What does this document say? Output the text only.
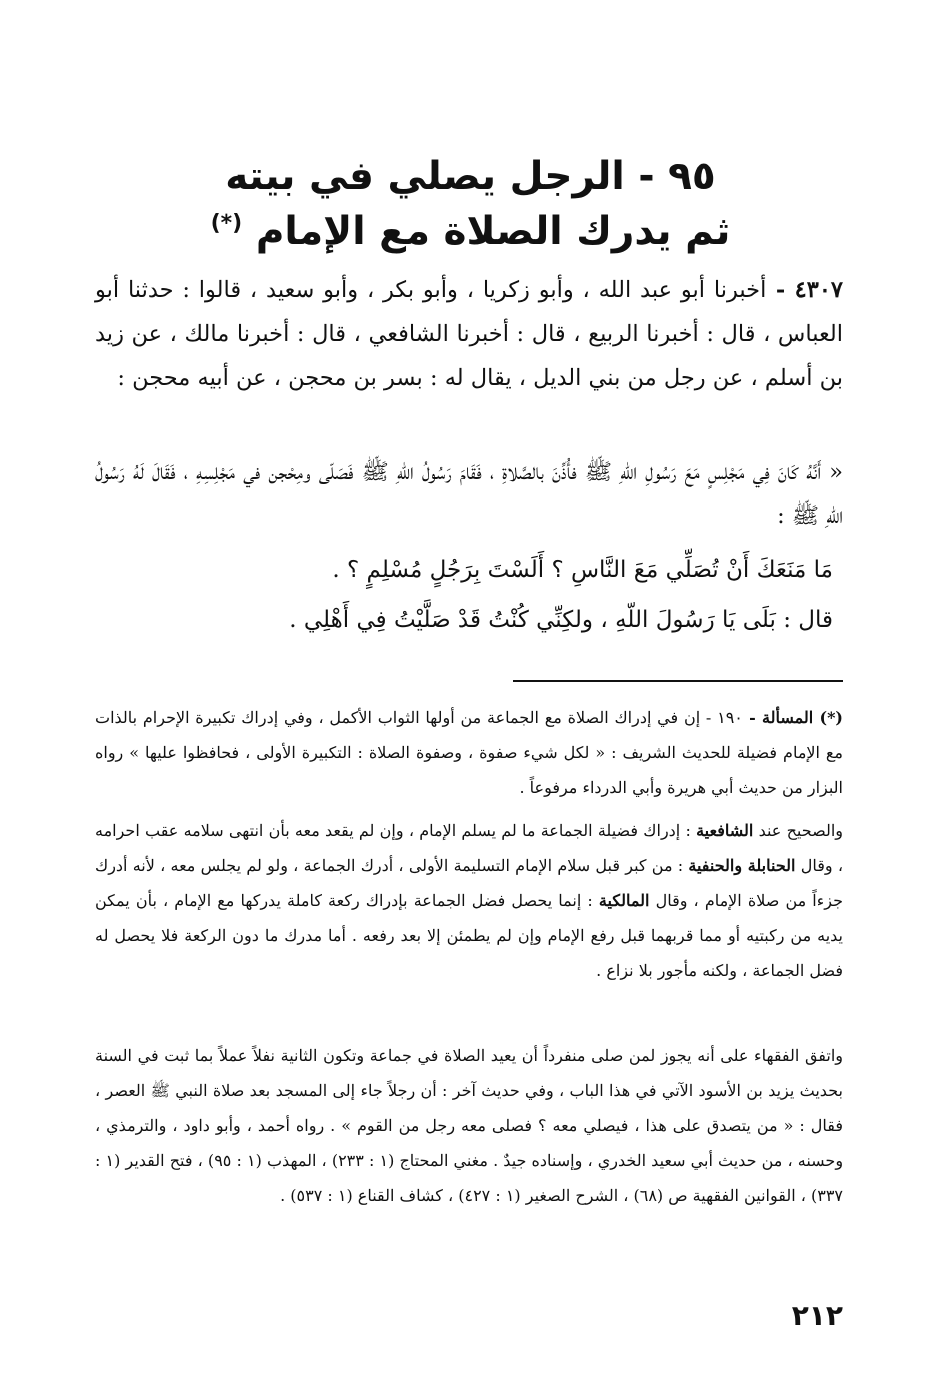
٩٥ - الرجل يصلي في بيته
ثم يدرك الصلاة مع الإمام (*)
٤٣٠٧ - أخبرنا أبو عبد الله ، وأبو زكريا ، وأبو بكر ، وأبو سعيد ، قالوا : حدثنا أبو العباس ، قال : أخبرنا الربيع ، قال : أخبرنا الشافعي ، قال : أخبرنا مالك ، عن زيد بن أسلم ، عن رجل من بني الديل ، يقال له : بسر بن محجن ، عن أبيه محجن :
« أَنَّهُ كَانَ فِي مَجْلِسٍ مَعَ رَسُولِ اللّهِ ﷺ فأُذِّنَ بالصَّلاةِ ، فَقَامَ رَسُولُ اللّهِ ﷺ فَصَلّى ومِحْجن في مَجْلِسِهِ ، فَقَالَ لَهُ رَسُولُ اللّهِ ﷺ :
مَا مَنَعَكَ أَنْ تُصَلِّي مَعَ النَّاسِ ؟ أَلَسْتَ بِرَجُلٍ مُسْلِمٍ ؟ .
قال : بَلَى يَا رَسُولَ اللّهِ ، ولكِنِّي كُنْتُ قَدْ صَلَّيْتُ فِي أَهْلِي .
(*) المسألة - ١٩٠ - إن في إدراك الصلاة مع الجماعة من أولها الثواب الأكمل ، وفي إدراك تكبيرة الإحرام بالذات مع الإمام فضيلة للحديث الشريف : « لكل شيء صفوة ، وصفوة الصلاة : التكبيرة الأولى ، فحافظوا عليها » رواه البزار من حديث أبي هريرة وأبي الدرداء مرفوعاً .
والصحيح عند الشافعية : إدراك فضيلة الجماعة ما لم يسلم الإمام ، وإن لم يقعد معه بأن انتهى سلامه عقب احرامه ، وقال الحنابلة والحنفية : من كبر قبل سلام الإمام التسليمة الأولى ، أدرك الجماعة ، ولو لم يجلس معه ، لأنه أدرك جزءاً من صلاة الإمام ، وقال المالكية : إنما يحصل فضل الجماعة بإدراك ركعة كاملة يدركها مع الإمام ، بأن يمكن يديه من ركبتيه أو مما قربهما قبل رفع الإمام وإن لم يطمئن إلا بعد رفعه . أما مدرك ما دون الركعة فلا يحصل له فضل الجماعة ، ولكنه مأجور بلا نزاع .
واتفق الفقهاء على أنه يجوز لمن صلى منفرداً أن يعيد الصلاة في جماعة وتكون الثانية نفلاً عملاً بما ثبت في السنة بحديث يزيد بن الأسود الآتي في هذا الباب ، وفي حديث آخر : أن رجلاً جاء إلى المسجد بعد صلاة النبي ﷺ العصر ، فقال : « من يتصدق على هذا ، فيصلي معه ؟ فصلى معه رجل من القوم » . رواه أحمد ، وأبو داود ، والترمذي ، وحسنه ، من حديث أبي سعيد الخدري ، وإسناده جيدٌ . مغني المحتاج (١ : ٢٣٣) ، المهذب (١ : ٩٥) ، فتح القدير (١ : ٣٣٧) ، القوانين الفقهية ص (٦٨) ، الشرح الصغير (١ : ٤٢٧) ، كشاف القناع (١ : ٥٣٧) .
٢١٢
